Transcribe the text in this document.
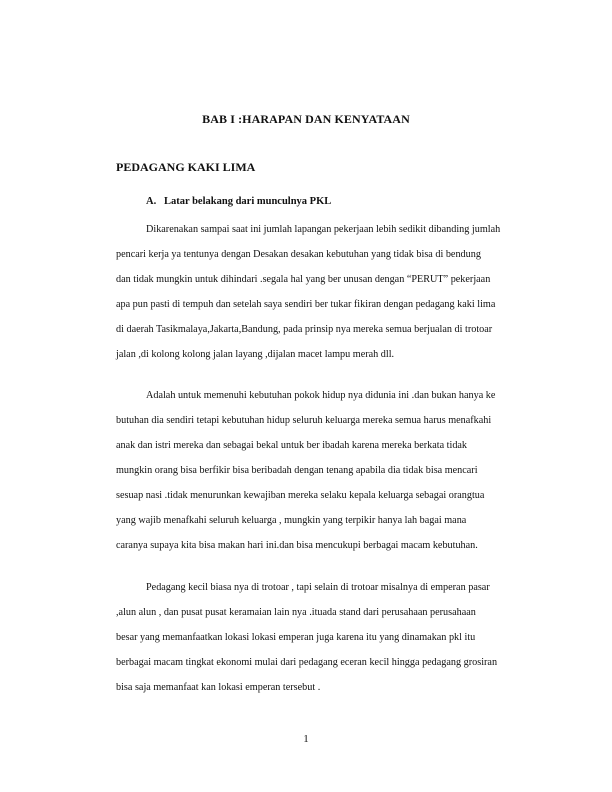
BAB I :HARAPAN DAN KENYATAAN
PEDAGANG KAKI LIMA
A. Latar belakang dari munculnya PKL
Dikarenakan sampai saat ini jumlah lapangan pekerjaan lebih sedikit dibanding jumlah
pencari kerja ya tentunya dengan Desakan desakan kebutuhan yang tidak bisa di bendung
dan tidak mungkin untuk dihindari .segala hal yang ber unusan dengan “PERUT” pekerjaan
apa pun pasti di tempuh dan setelah saya sendiri ber tukar fikiran dengan pedagang kaki lima
di daerah Tasikmalaya,Jakarta,Bandung, pada prinsip nya mereka semua berjualan di trotoar
jalan ,di kolong kolong jalan layang ,dijalan macet lampu merah dll.
Adalah untuk memenuhi kebutuhan pokok hidup nya didunia ini .dan bukan hanya ke
butuhan dia sendiri tetapi kebutuhan hidup seluruh keluarga mereka semua harus menafkahi
anak dan istri mereka dan sebagai bekal untuk ber ibadah karena mereka berkata tidak
mungkin orang bisa berfikir bisa beribadah dengan tenang apabila dia tidak bisa mencari
sesuap nasi .tidak menurunkan kewajiban mereka selaku kepala keluarga sebagai orangtua
yang wajib menafkahi seluruh keluarga , mungkin yang terpikir hanya lah bagai mana
caranya supaya kita bisa makan hari ini.dan bisa mencukupi berbagai macam kebutuhan.
Pedagang kecil biasa nya di trotoar , tapi selain di trotoar misalnya di emperan pasar
,alun alun , dan pusat pusat keramaian lain nya .ituada stand dari perusahaan perusahaan
besar yang memanfaatkan lokasi lokasi emperan juga karena itu yang dinamakan pkl itu
berbagai macam tingkat ekonomi mulai dari pedagang eceran kecil hingga pedagang grosiran
bisa saja memanfaat kan lokasi emperan tersebut .
1
